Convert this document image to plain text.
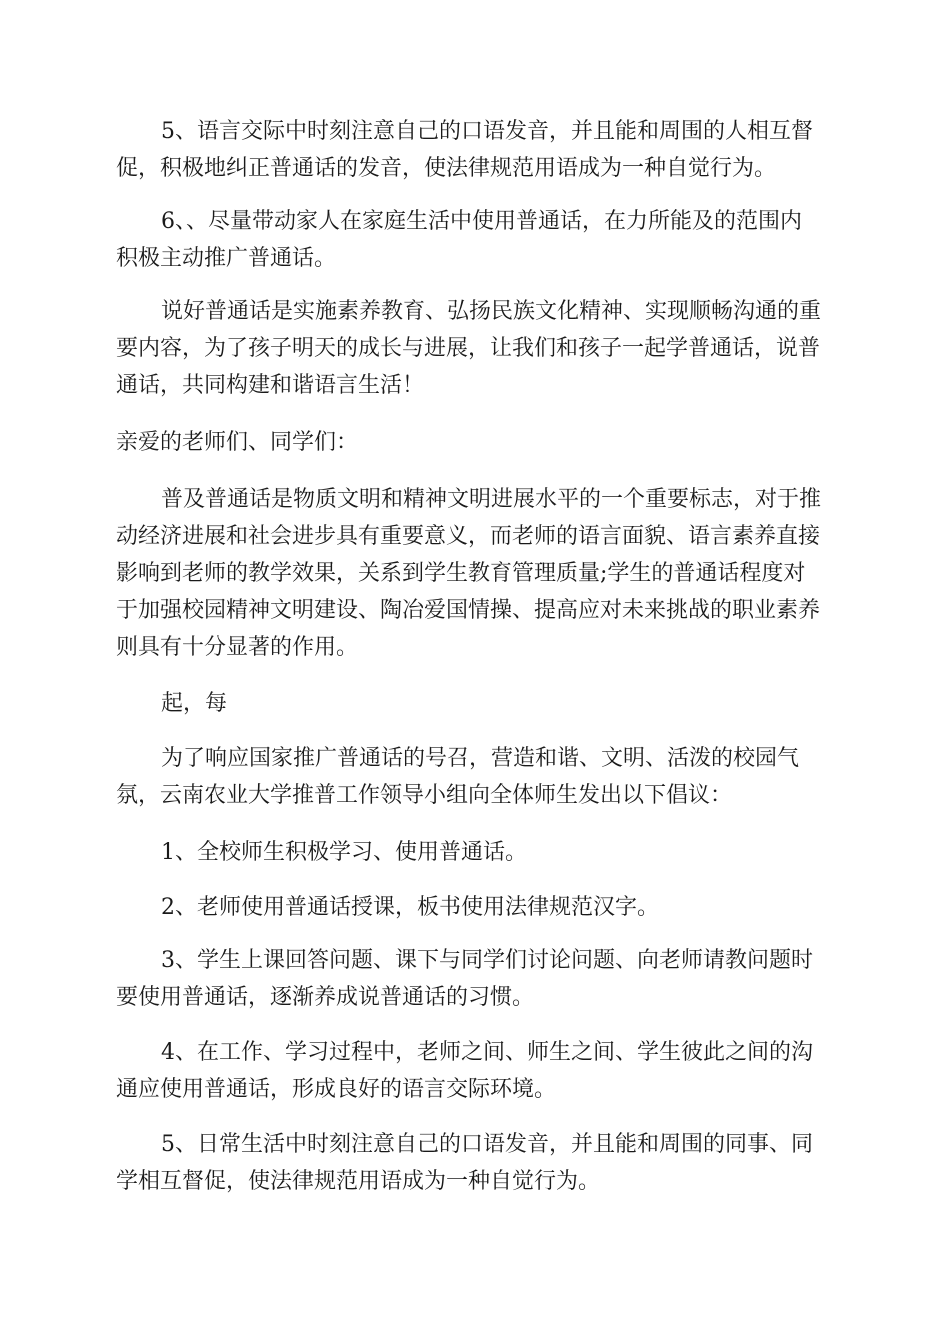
5、语言交际中时刻注意自己的口语发音，并且能和周围的人相互督
促，积极地纠正普通话的发音，使法律规范用语成为一种自觉行为。

6、、尽量带动家人在家庭生活中使用普通话，在力所能及的范围内
积极主动推广普通话。

说好普通话是实施素养教育、弘扬民族文化精神、实现顺畅沟通的重
要内容，为了孩子明天的成长与进展，让我们和孩子一起学普通话，说普
通话，共同构建和谐语言生活！

亲爱的老师们、同学们：

普及普通话是物质文明和精神文明进展水平的一个重要标志，对于推
动经济进展和社会进步具有重要意义，而老师的语言面貌、语言素养直接
影响到老师的教学效果，关系到学生教育管理质量;学生的普通话程度对
于加强校园精神文明建设、陶冶爱国情操、提高应对未来挑战的职业素养
则具有十分显著的作用。

起，每

为了响应国家推广普通话的号召，营造和谐、文明、活泼的校园气
氛，云南农业大学推普工作领导小组向全体师生发出以下倡议：

1、全校师生积极学习、使用普通话。

2、老师使用普通话授课，板书使用法律规范汉字。

3、学生上课回答问题、课下与同学们讨论问题、向老师请教问题时
要使用普通话，逐渐养成说普通话的习惯。

4、在工作、学习过程中，老师之间、师生之间、学生彼此之间的沟
通应使用普通话，形成良好的语言交际环境。

5、日常生活中时刻注意自己的口语发音，并且能和周围的同事、同
学相互督促，使法律规范用语成为一种自觉行为。
